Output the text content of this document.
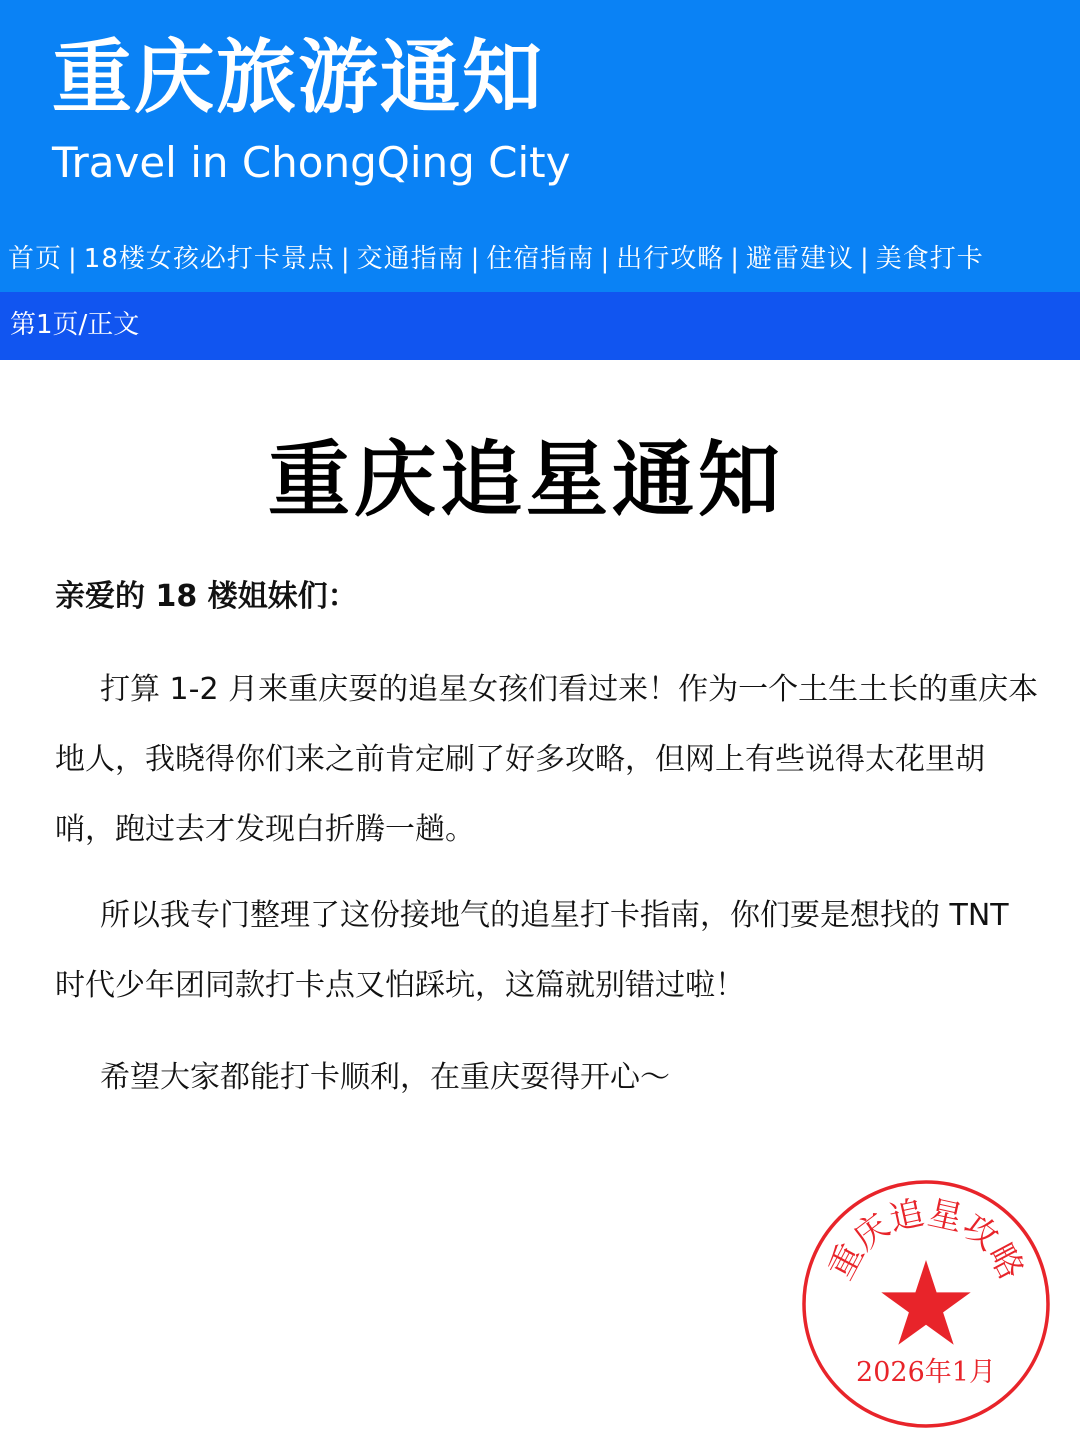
重庆旅游通知
Travel in ChongQing City
首页 | 18楼女孩必打卡景点 | 交通指南 | 住宿指南 | 出行攻略 | 避雷建议 | 美食打卡
第1页/正文
重庆追星通知
亲爱的 18 楼姐妹们：

打算 1-2 月来重庆耍的追星女孩们看过来！作为一个土生土长的重庆本地人，我晓得你们来之前肯定刷了好多攻略，但网上有些说得太花里胡哨，跑过去才发现白折腾一趟。

所以我专门整理了这份接地气的追星打卡指南，你们要是想找的 TNT 时代少年团同款打卡点又怕踩坑，这篇就别错过啦！

希望大家都能打卡顺利，在重庆耍得开心～

重
庆
追
星
攻
略
2026年1月
